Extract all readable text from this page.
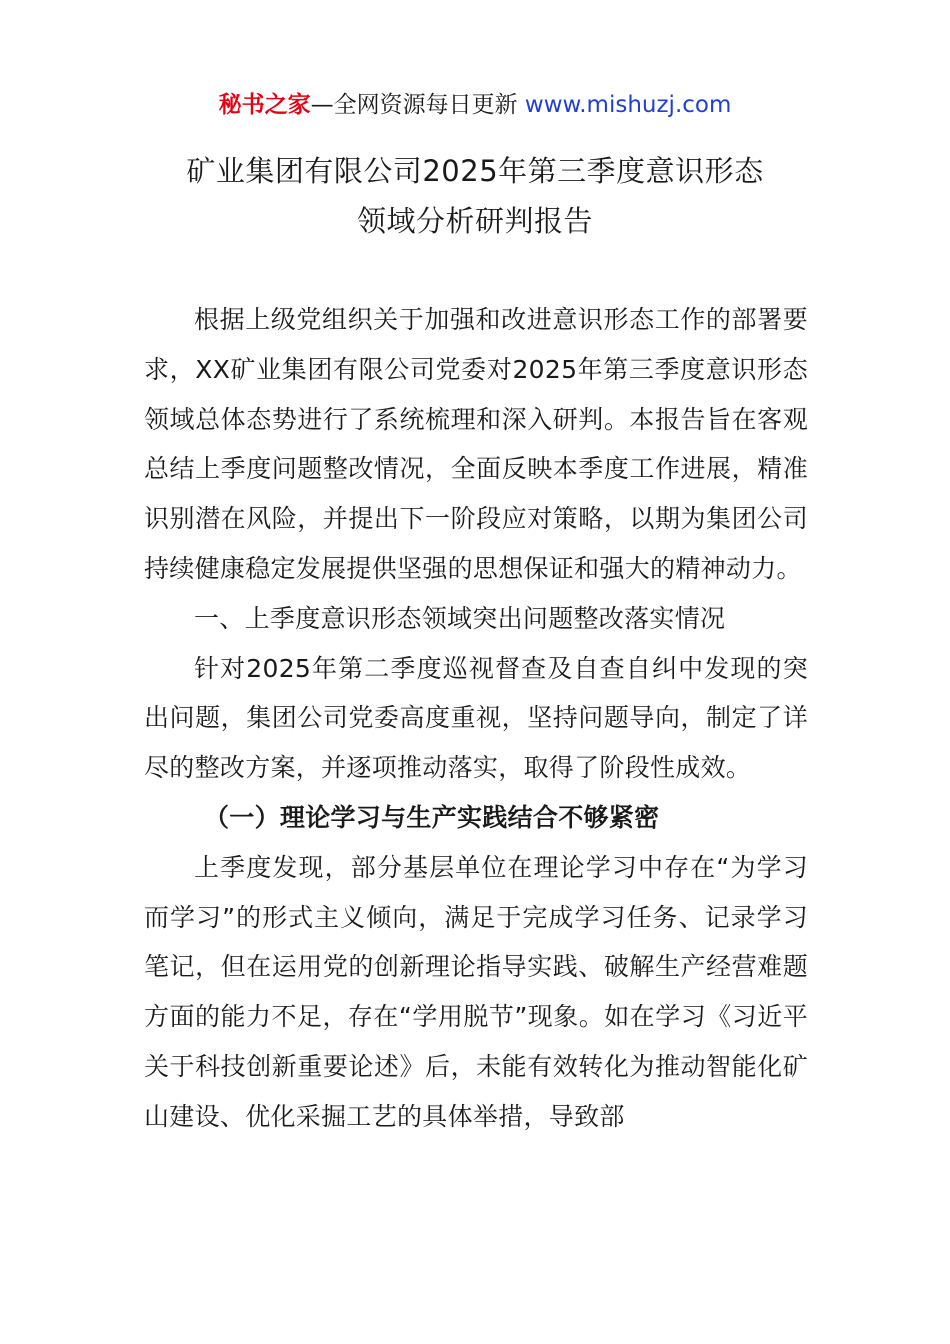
秘书之家—全网资源每日更新 www.mishuzj.com
矿业集团有限公司2025年第三季度意识形态
领域分析研判报告

根据上级党组织关于加强和改进意识形态工作的部署要求，XX矿业集团有限公司党委对2025年第三季度意识形态领域总体态势进行了系统梳理和深入研判。本报告旨在客观总结上季度问题整改情况，全面反映本季度工作进展，精准识别潜在风险，并提出下一阶段应对策略，以期为集团公司持续健康稳定发展提供坚强的思想保证和强大的精神动力。

一、上季度意识形态领域突出问题整改落实情况

针对2025年第二季度巡视督查及自查自纠中发现的突出问题，集团公司党委高度重视，坚持问题导向，制定了详尽的整改方案，并逐项推动落实，取得了阶段性成效。

（一）理论学习与生产实践结合不够紧密

上季度发现，部分基层单位在理论学习中存在“为学习而学习”的形式主义倾向，满足于完成学习任务、记录学习笔记，但在运用党的创新理论指导实践、破解生产经营难题方面的能力不足，存在“学用脱节”现象。如在学习《习近平关于科技创新重要论述》后，未能有效转化为推动智能化矿山建设、优化采掘工艺的具体举措，导致部
